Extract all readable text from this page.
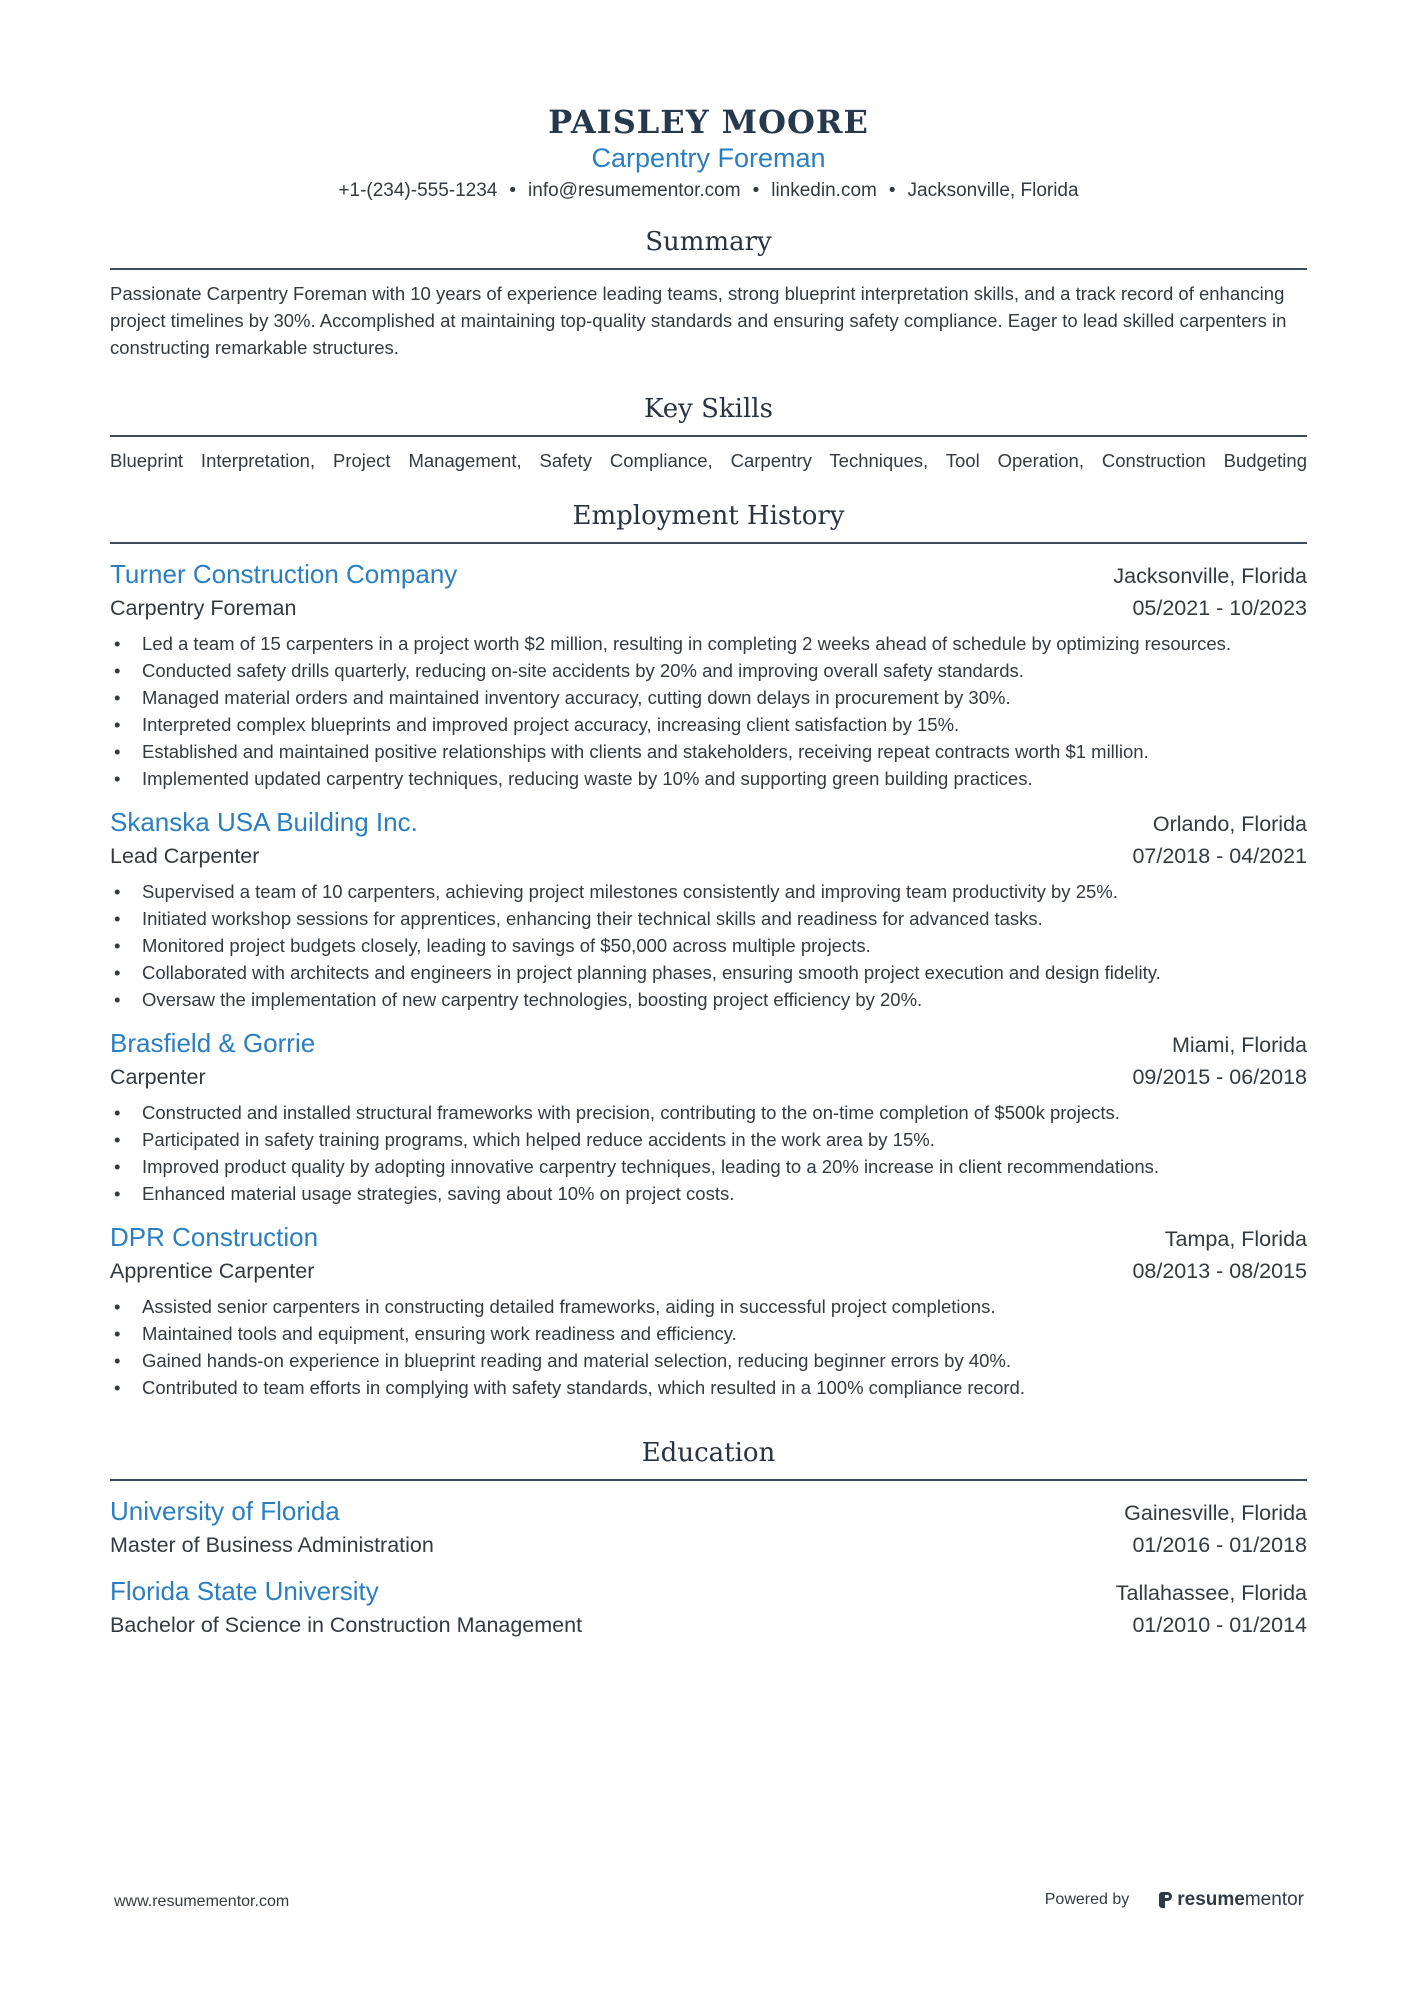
PAISLEY MOORE
Carpentry Foreman
+1-(234)-555-1234 • info@resumementor.com • linkedin.com • Jacksonville, Florida
Summary
Passionate Carpentry Foreman with 10 years of experience leading teams, strong blueprint interpretation skills, and a track record of enhancing project timelines by 30%. Accomplished at maintaining top-quality standards and ensuring safety compliance. Eager to lead skilled carpenters in constructing remarkable structures.
Key Skills
Blueprint Interpretation, Project Management, Safety Compliance, Carpentry Techniques, Tool Operation, Construction Budgeting
Employment History
Turner Construction Company	Jacksonville, Florida
Carpentry Foreman	05/2021 - 10/2023
• Led a team of 15 carpenters in a project worth $2 million, resulting in completing 2 weeks ahead of schedule by optimizing resources.
• Conducted safety drills quarterly, reducing on-site accidents by 20% and improving overall safety standards.
• Managed material orders and maintained inventory accuracy, cutting down delays in procurement by 30%.
• Interpreted complex blueprints and improved project accuracy, increasing client satisfaction by 15%.
• Established and maintained positive relationships with clients and stakeholders, receiving repeat contracts worth $1 million.
• Implemented updated carpentry techniques, reducing waste by 10% and supporting green building practices.
Skanska USA Building Inc.	Orlando, Florida
Lead Carpenter	07/2018 - 04/2021
• Supervised a team of 10 carpenters, achieving project milestones consistently and improving team productivity by 25%.
• Initiated workshop sessions for apprentices, enhancing their technical skills and readiness for advanced tasks.
• Monitored project budgets closely, leading to savings of $50,000 across multiple projects.
• Collaborated with architects and engineers in project planning phases, ensuring smooth project execution and design fidelity.
• Oversaw the implementation of new carpentry technologies, boosting project efficiency by 20%.
Brasfield & Gorrie	Miami, Florida
Carpenter	09/2015 - 06/2018
• Constructed and installed structural frameworks with precision, contributing to the on-time completion of $500k projects.
• Participated in safety training programs, which helped reduce accidents in the work area by 15%.
• Improved product quality by adopting innovative carpentry techniques, leading to a 20% increase in client recommendations.
• Enhanced material usage strategies, saving about 10% on project costs.
DPR Construction	Tampa, Florida
Apprentice Carpenter	08/2013 - 08/2015
• Assisted senior carpenters in constructing detailed frameworks, aiding in successful project completions.
• Maintained tools and equipment, ensuring work readiness and efficiency.
• Gained hands-on experience in blueprint reading and material selection, reducing beginner errors by 40%.
• Contributed to team efforts in complying with safety standards, which resulted in a 100% compliance record.
Education
University of Florida	Gainesville, Florida
Master of Business Administration	01/2016 - 01/2018
Florida State University	Tallahassee, Florida
Bachelor of Science in Construction Management	01/2010 - 01/2014
www.resumementor.com	Powered by	resumementor
